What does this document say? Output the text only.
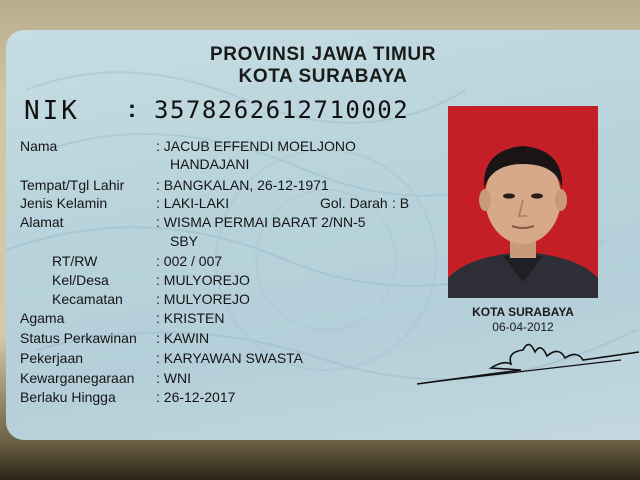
PROVINSI JAWA TIMUR
KOTA SURABAYA
NIK : 3578262612710002
Nama	: JACUB EFFENDI MOELJONO
HANDAJANI
Tempat/Tgl Lahir : BANGKALAN, 26-12-1971
Jenis Kelamin	: LAKI-LAKI	Gol. Darah : B
Alamat	: WISMA PERMAI BARAT 2/NN-5
SBY
RT/RW	: 002 / 007
Kel/Desa	: MULYOREJO
Kecamatan : MULYOREJO
Agama	: KRISTEN
Status Perkawinan : KAWIN
Pekerjaan	: KARYAWAN SWASTA
Kewarganegaraan : WNI
Berlaku Hingga	: 26-12-2017
KOTA SURABAYA
06-04-2012
